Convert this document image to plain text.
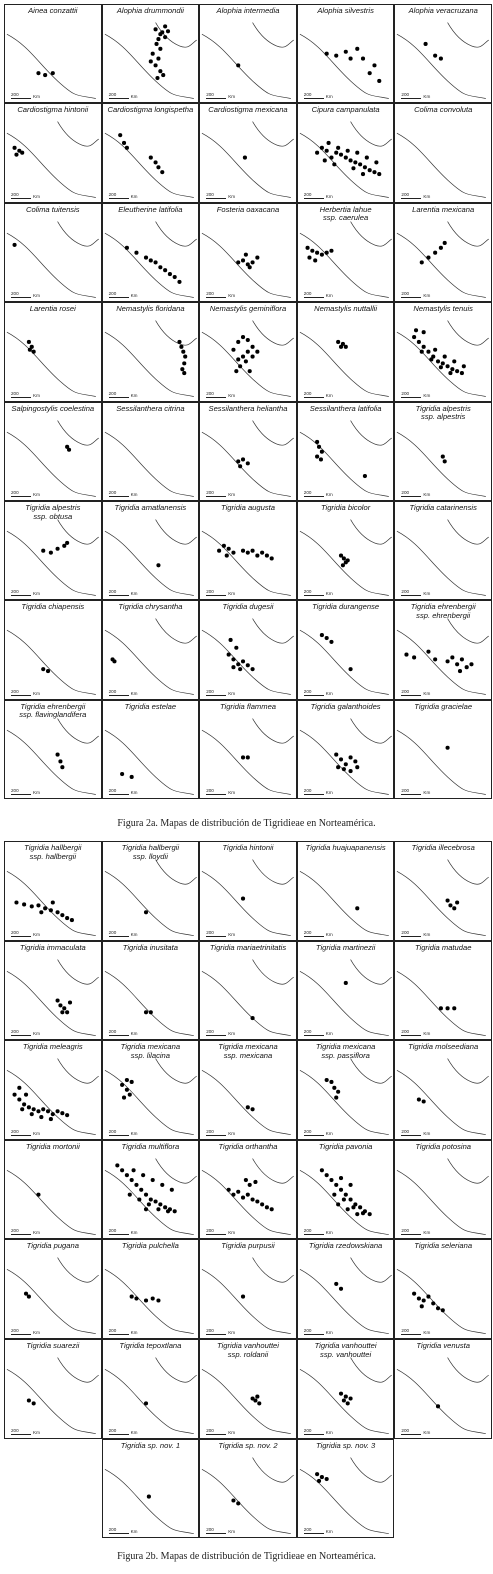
Ainea conzattii
200	Km
Alophia drummondii
200	Km
Alophia intermedia
200	Km
Alophia silvestris
200	Km
Alophia veracruzana
200	Km
Cardiostigma hintonii
200	Km
Cardiostigma longispetha
200	Km
Cardiostigma mexicana
200	Km
Cipura campanulata
200	Km
Colima convoluta
200	Km
Colima tuitensis
200	Km
Eleutherine latifolia
200	Km
Fosteria oaxacana
200	Km
Herbertia lahue
ssp. caerulea
200	Km
Larentia mexicana
200	Km
Larentia rosei
200	Km
Nemastylis floridana
200	Km
Nemastylis geminiflora
200	Km
Nemastylis nuttallii
200	Km
Nemastylis tenuis
200	Km
Salpingostylis coelestina
200	Km
Sessilanthera citrina
200	Km
Sessilanthera heliantha
200	Km
Sessilanthera latifolia
200	Km
Tigridia alpestris
ssp. alpestris
200	Km
Tigridia alpestris
ssp. obtusa
200	Km
Tigridia amatlanensis
200	Km
Tigridia augusta
200	Km
Tigridia bicolor
200	Km
Tigridia catarinensis
200	Km
Tigridia chiapensis
200	Km
Tigridia chrysantha
200	Km
Tigridia dugesii
200	Km
Tigridia durangense
200	Km
Tigridia ehrenbergii
ssp. ehrenbergii
200	Km
Tigridia ehrenbergii
ssp. flavinglandifera
200	Km
Tigridia estelae
200	Km
Tigridia flammea
200	Km
Tigridia galanthoides
200	Km
Tigridia gracielae
200	Km
Figura 2a. Mapas de distribución de Tigridieae en Norteamérica.
Tigridia hallbergii
ssp. hallbergii
200	Km
Tigridia hallbergii
ssp. lloydii
200	Km
Tigridia hintonii
200	Km
Tigridia huajuapanensis
200	Km
Tigridia illecebrosa
200	Km
Tigridia immaculata
200	Km
Tigridia inusitata
200	Km
Tigridia mariaetrinitatis
200	Km
Tigridia martinezii
200	Km
Tigridia matudae
200	Km
Tigridia meleagris
200	Km
Tigridia mexicana
ssp. lilacina
200	Km
Tigridia mexicana
ssp. mexicana
200	Km
Tigridia mexicana
ssp. passiflora
200	Km
Tigridia molseediana
200	Km
Tigridia mortonii
200	Km
Tigridia multiflora
200	Km
Tigridia orthantha
200	Km
Tigridia pavonia
200	Km
Tigridia potosina
200	Km
Tigridia pugana
200	Km
Tigridia pulchella
200	Km
Tigridia purpusii
200	Km
Tigridia rzedowskiana
200	Km
Tigridia seleriana
200	Km
Tigridia suarezii
200	Km
Tigridia tepoxtlana
200	Km
Tigridia vanhouttei
ssp. roldanii
200	Km
Tigridia vanhouttei
ssp. vanhouttei
200	Km
Tigridia venusta
200	Km
Tigridia sp. nov. 1
200	Km
Tigridia sp. nov. 2
200	Km
Tigridia sp. nov. 3
200	Km
Figura 2b. Mapas de distribución de Tigridieae en Norteamérica.
